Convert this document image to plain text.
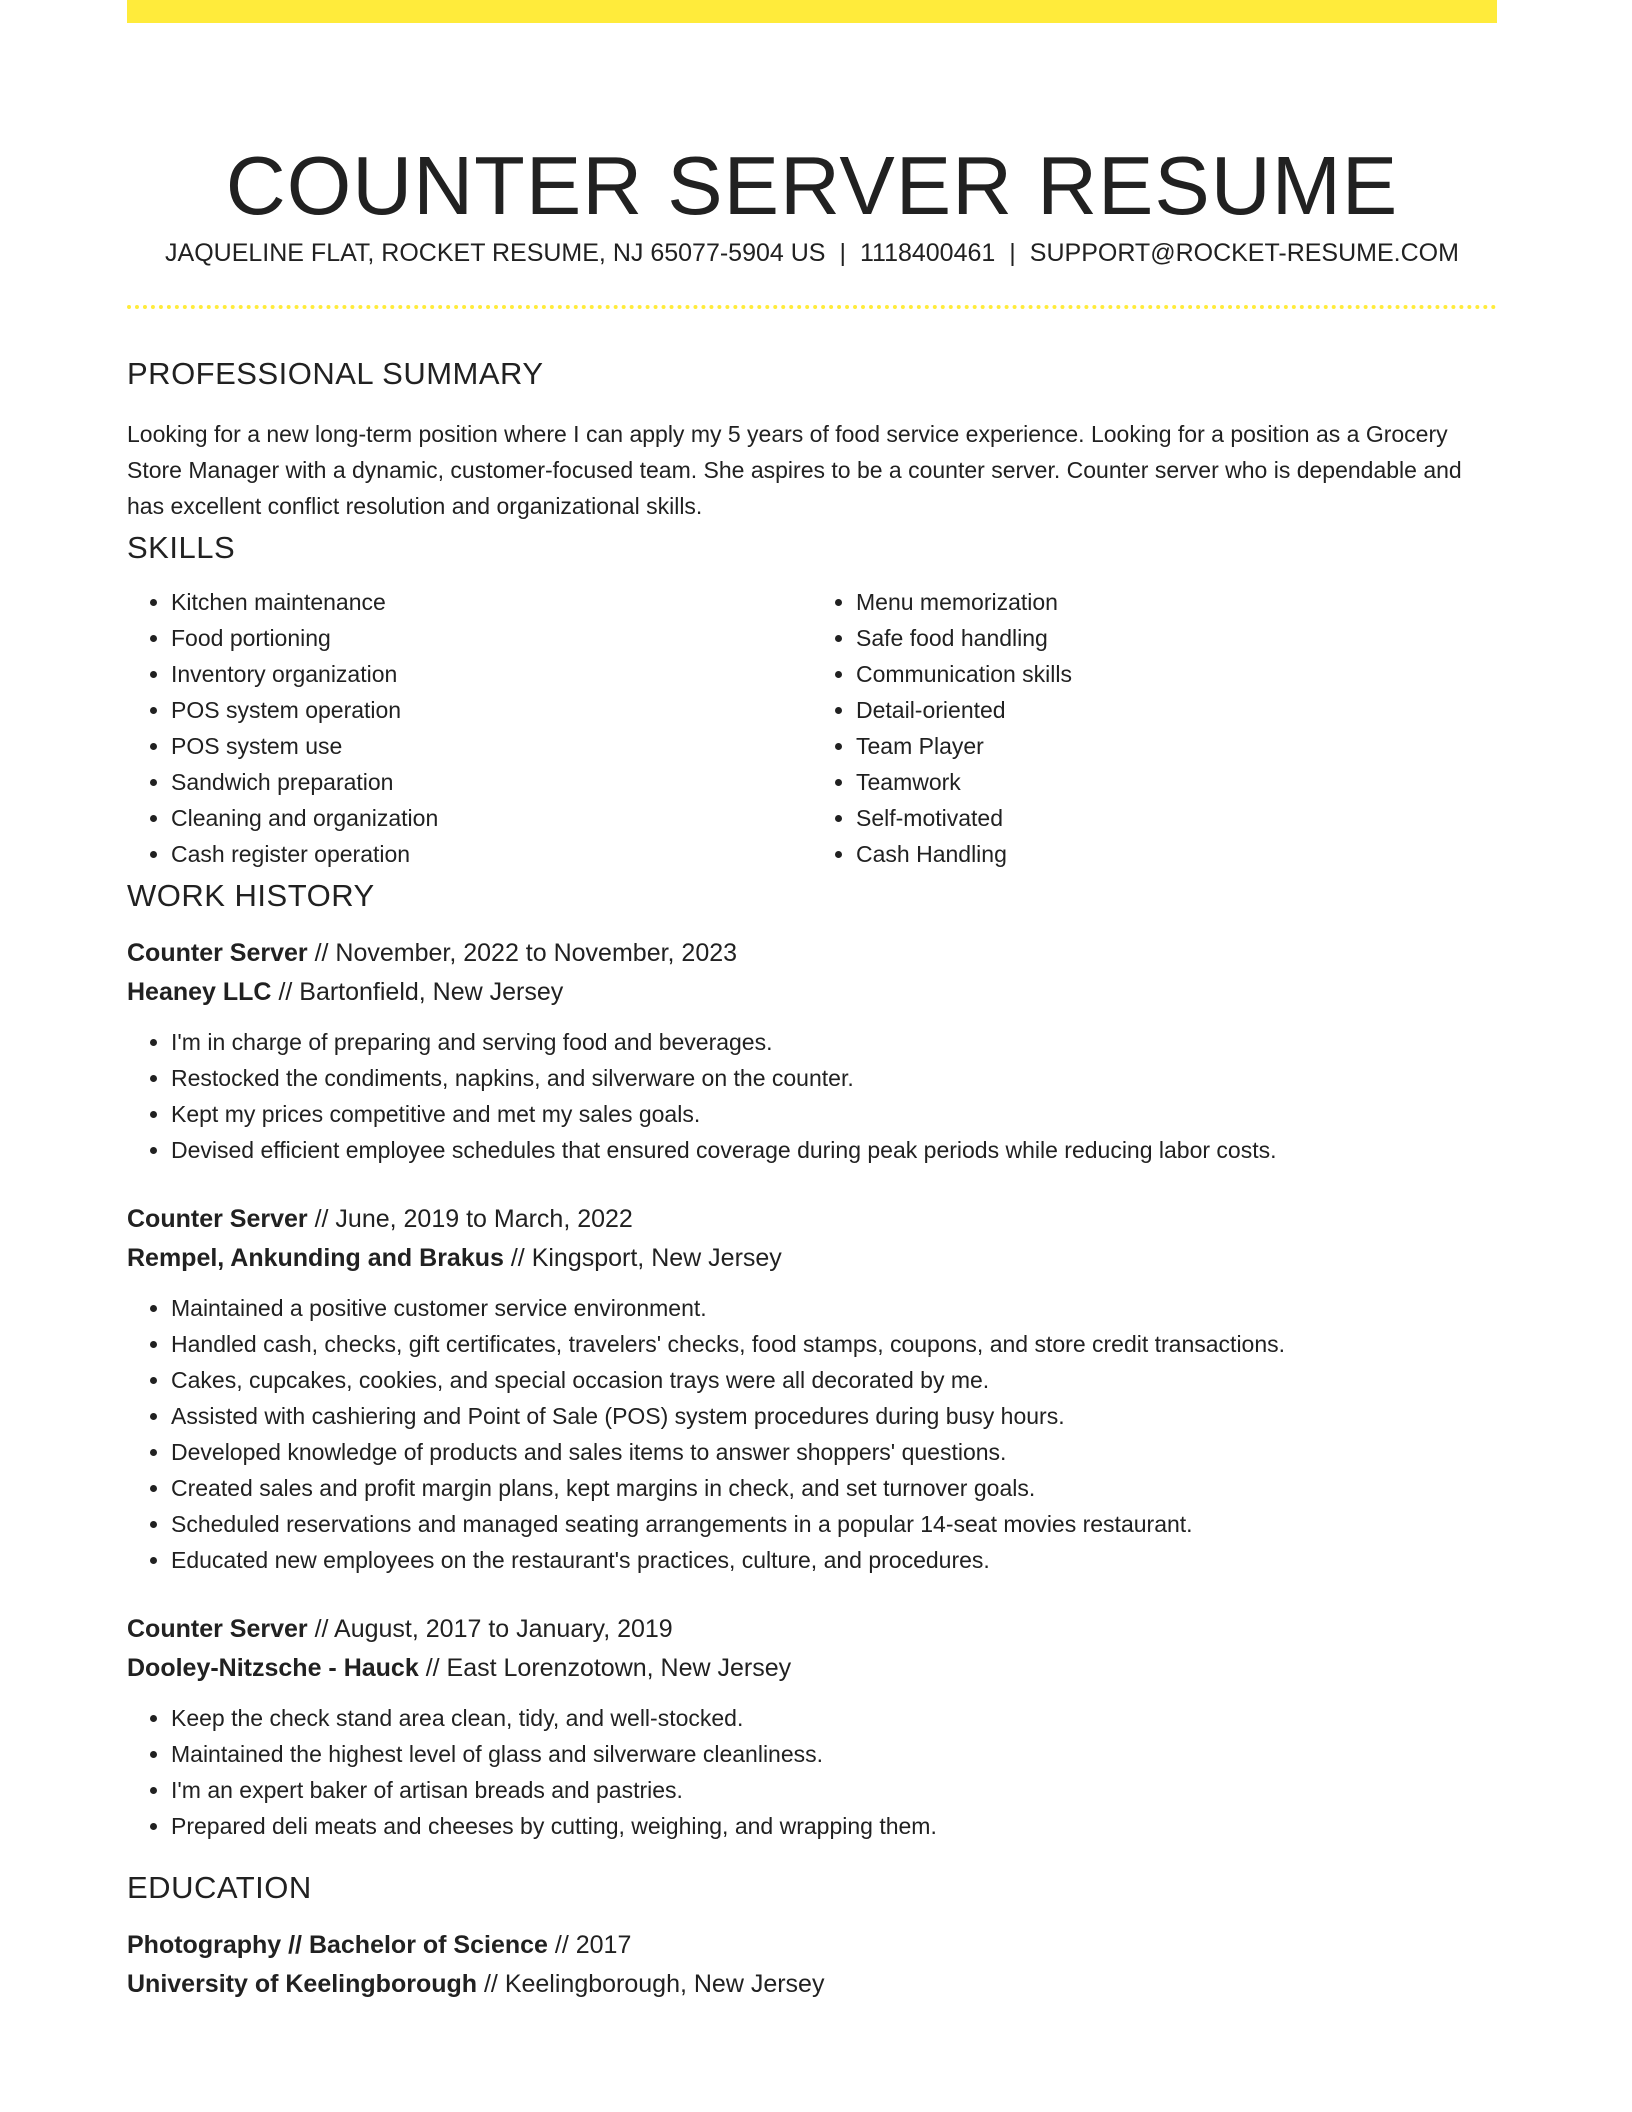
COUNTER SERVER RESUME
JAQUELINE FLAT, ROCKET RESUME, NJ 65077-5904 US | 1118400461 | SUPPORT@ROCKET-RESUME.COM
PROFESSIONAL SUMMARY

Looking for a new long-term position where I can apply my 5 years of food service experience. Looking for a position as a Grocery Store Manager with a dynamic, customer-focused team. She aspires to be a counter server. Counter server who is dependable and has excellent conflict resolution and organizational skills.

SKILLS
• Kitchen maintenance
• Food portioning
• Inventory organization
• POS system operation
• POS system use
• Sandwich preparation
• Cleaning and organization
• Cash register operation
• Menu memorization
• Safe food handling
• Communication skills
• Detail-oriented
• Team Player
• Teamwork
• Self-motivated
• Cash Handling
WORK HISTORY
Counter Server // November, 2022 to November, 2023
Heaney LLC // Bartonfield, New Jersey
• I'm in charge of preparing and serving food and beverages.
• Restocked the condiments, napkins, and silverware on the counter.
• Kept my prices competitive and met my sales goals.
• Devised efficient employee schedules that ensured coverage during peak periods while reducing labor costs.
Counter Server // June, 2019 to March, 2022
Rempel, Ankunding and Brakus // Kingsport, New Jersey
• Maintained a positive customer service environment.
• Handled cash, checks, gift certificates, travelers' checks, food stamps, coupons, and store credit transactions.
• Cakes, cupcakes, cookies, and special occasion trays were all decorated by me.
• Assisted with cashiering and Point of Sale (POS) system procedures during busy hours.
• Developed knowledge of products and sales items to answer shoppers' questions.
• Created sales and profit margin plans, kept margins in check, and set turnover goals.
• Scheduled reservations and managed seating arrangements in a popular 14-seat movies restaurant.
• Educated new employees on the restaurant's practices, culture, and procedures.
Counter Server // August, 2017 to January, 2019
Dooley-Nitzsche - Hauck // East Lorenzotown, New Jersey
• Keep the check stand area clean, tidy, and well-stocked.
• Maintained the highest level of glass and silverware cleanliness.
• I'm an expert baker of artisan breads and pastries.
• Prepared deli meats and cheeses by cutting, weighing, and wrapping them.
EDUCATION
Photography // Bachelor of Science // 2017
University of Keelingborough // Keelingborough, New Jersey
